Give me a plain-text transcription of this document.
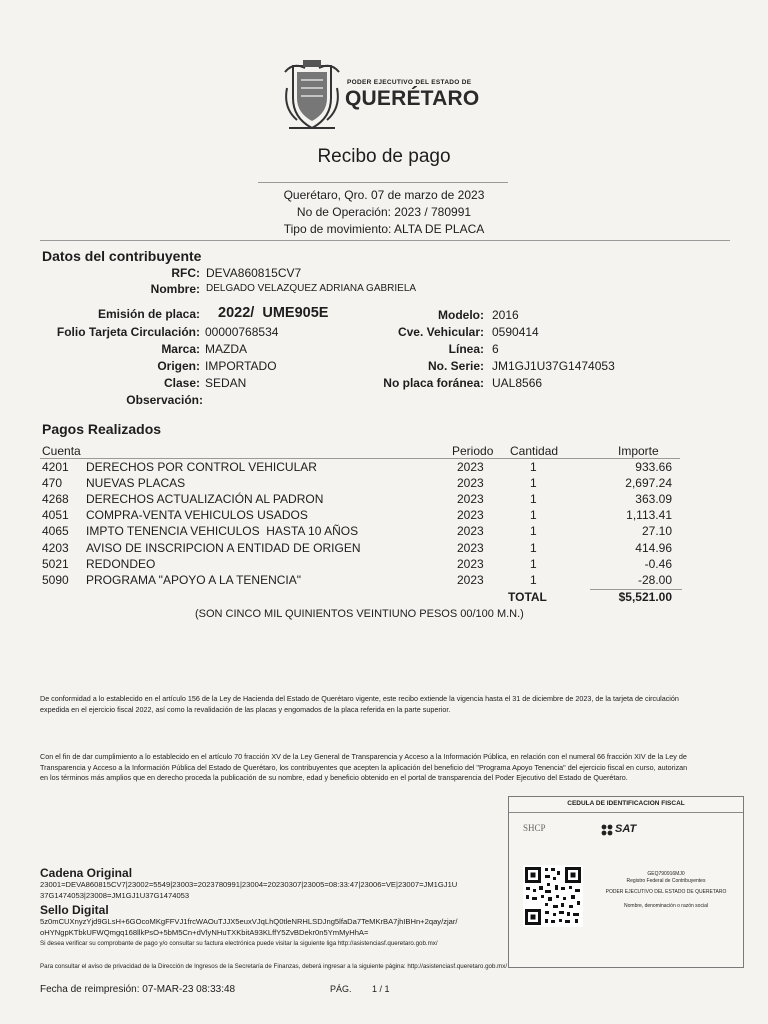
PODER EJECUTIVO DEL ESTADO DE
QUERÉTARO
Recibo de pago
Querétaro, Qro. 07 de marzo de 2023
No de Operación: 2023 / 780991
Tipo de movimiento: ALTA DE PLACA
Datos del contribuyente
RFC: DEVA860815CV7
Nombre: DELGADO VELAZQUEZ ADRIANA GABRIELA
Emisión de placa: 2022/  UME905E
Folio Tarjeta Circulación: 00000768534
Marca: MAZDA
Origen: IMPORTADO
Clase: SEDAN
Observación:
Modelo: 2016
Cve. Vehicular: 0590414
Línea: 6
No. Serie: JM1GJ1U37G1474053
No placa foránea: UAL8566
Pagos Realizados
Cuenta	Periodo Cantidad	Importe
4201	DERECHOS POR CONTROL VEHICULAR	2023	1	933.66
470	NUEVAS PLACAS	2023	1	2,697.24
4268	DERECHOS ACTUALIZACIÓN AL PADRON	2023	1	363.09
4051	COMPRA-VENTA VEHICULOS USADOS	2023	1	1,113.41
4065	IMPTO TENENCIA VEHICULOS  HASTA 10 AÑOS	2023	1	27.10
4203	AVISO DE INSCRIPCION A ENTIDAD DE ORIGEN	2023	1	414.96
5021	REDONDEO	2023	1	-0.46
5090	PROGRAMA "APOYO A LA TENENCIA"	2023	1	-28.00
TOTAL	$5,521.00
(SON CINCO MIL QUINIENTOS VEINTIUNO PESOS 00/100 M.N.)
De conformidad a lo establecido en el artículo 156 de la Ley de Hacienda del Estado de Querétaro vigente, este recibo extiende la vigencia hasta el 31 de diciembre de 2023, de la tarjeta de circulación expedida en el ejercicio fiscal 2022, así como la revalidación de las placas y engomados de la placa referida en la parte superior.
Con el fin de dar cumplimiento a lo establecido en el artículo 70 fracción XV de la Ley General de Transparencia y Acceso a la Información Pública, en relación con el numeral 66 fracción XIV de la Ley de Transparencia y Acceso a la Información Pública del Estado de Querétaro, los contribuyentes que acepten la aplicación del beneficio del "Programa Apoyo Tenencia" del ejercicio fiscal en curso, autorizan en los términos más amplios que en derecho proceda la publicación de su nombre, edad y beneficio obtenido en el portal de transparencia del Poder Ejecutivo del Estado de Querétaro.
CEDULA DE IDENTIFICACION FISCAL
SHCP	SAT
GEQ790916MJ0
Registro Federal de Contribuyentes
PODER EJECUTIVO DEL ESTADO DE QUERETARO
Nombre, denominación o razón social
Cadena Original
23001=DEVA860815CV7|23002=5549|23003=2023780991|23004=20230307|23005=08:33:47|23006=VE|23007=JM1GJ1U
37G1474053|23008=JM1GJ1U37G1474053
Sello Digital
5z0mCUXnyzYjd9GLsH+6GOcoMKgFFVJ1frcWAOuTJJX5euxVJqLhQ0tleNRHLSDJng5lfaDa7TeMKrBA7jhIBHn+2qay/zjar/
oHYNgpKTbkUFWQmgq168llkPsO+5bM5Cn+dVlyNHuTXKbitA93KLffY5ZvBDekr0n5YmMyHhA=
Si desea verificar su comprobante de pago y/o consultar su factura electrónica puede visitar la siguiente liga http://asistenciasf.queretaro.gob.mx/
Para consultar el aviso de privacidad de la Dirección de Ingresos de la Secretaría de Finanzas, deberá ingresar a la siguiente página: http://asistenciasf.queretaro.gob.mx/
Fecha de reimpresión: 07-MAR-23 08:33:48	PÁG. 1 / 1
